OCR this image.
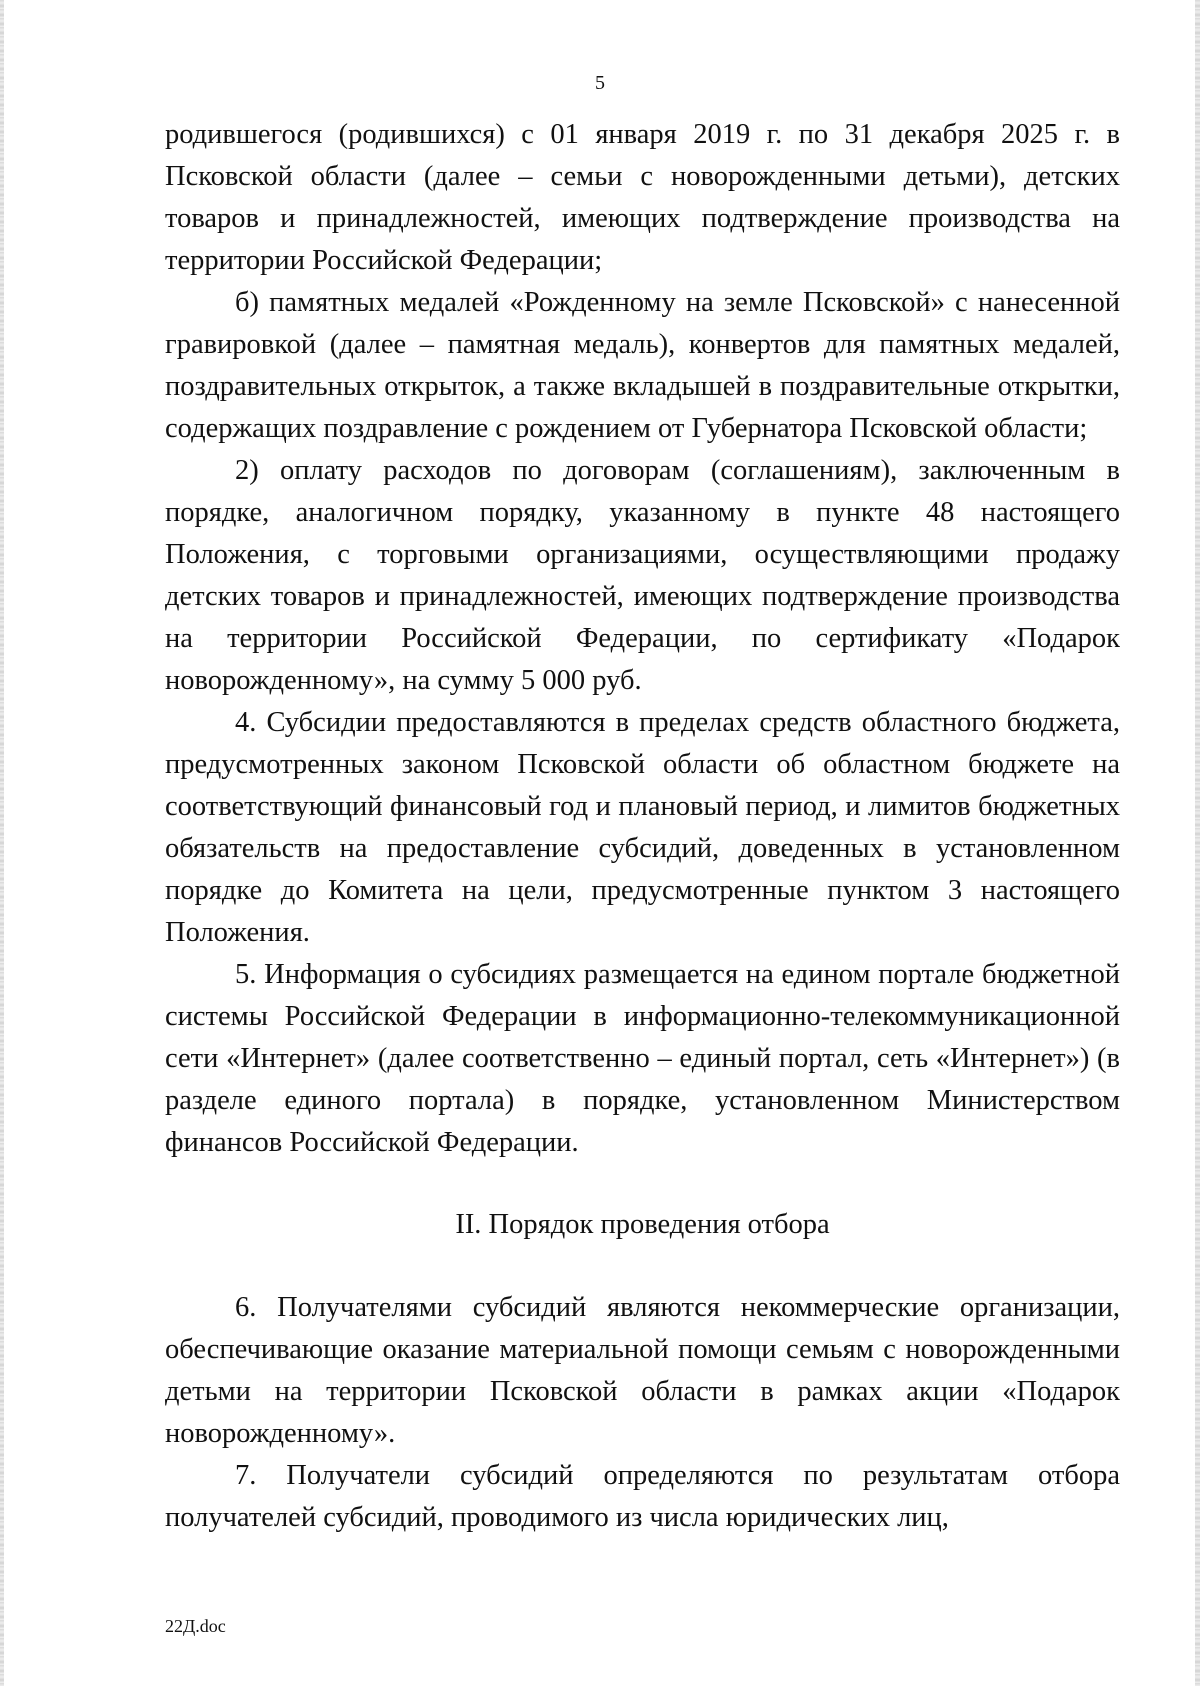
5

родившегося (родившихся) с 01 января 2019 г. по 31 декабря 2025 г. в Псковской области (далее – семьи с новорожденными детьми), детских товаров и принадлежностей, имеющих подтверждение производства на территории Российской Федерации;

б) памятных медалей «Рожденному на земле Псковской» с нанесенной гравировкой (далее – памятная медаль), конвертов для памятных медалей, поздравительных открыток, а также вкладышей в поздравительные открытки, содержащих поздравление с рождением от Губернатора Псковской области;

2) оплату расходов по договорам (соглашениям), заключенным в порядке, аналогичном порядку, указанному в пункте 48 настоящего Положения, с торговыми организациями, осуществляющими продажу детских товаров и принадлежностей, имеющих подтверждение производства на территории Российской Федерации, по сертификату «Подарок новорожденному», на сумму 5 000 руб.

4. Субсидии предоставляются в пределах средств областного бюджета, предусмотренных законом Псковской области об областном бюджете на соответствующий финансовый год и плановый период, и лимитов бюджетных обязательств на предоставление субсидий, доведенных в установленном порядке до Комитета на цели, предусмотренные пунктом 3 настоящего Положения.

5. Информация о субсидиях размещается на едином портале бюджетной системы Российской Федерации в информационно-телекоммуникационной сети «Интернет» (далее соответственно – единый портал, сеть «Интернет») (в разделе единого портала) в порядке, установленном Министерством финансов Российской Федерации.

II. Порядок проведения отбора

6. Получателями субсидий являются некоммерческие организации, обеспечивающие оказание материальной помощи семьям с новорожденными детьми на территории Псковской области в рамках акции «Подарок новорожденному».

7. Получатели субсидий определяются по результатам отбора получателей субсидий, проводимого из числа юридических лиц,

22Д.doc
